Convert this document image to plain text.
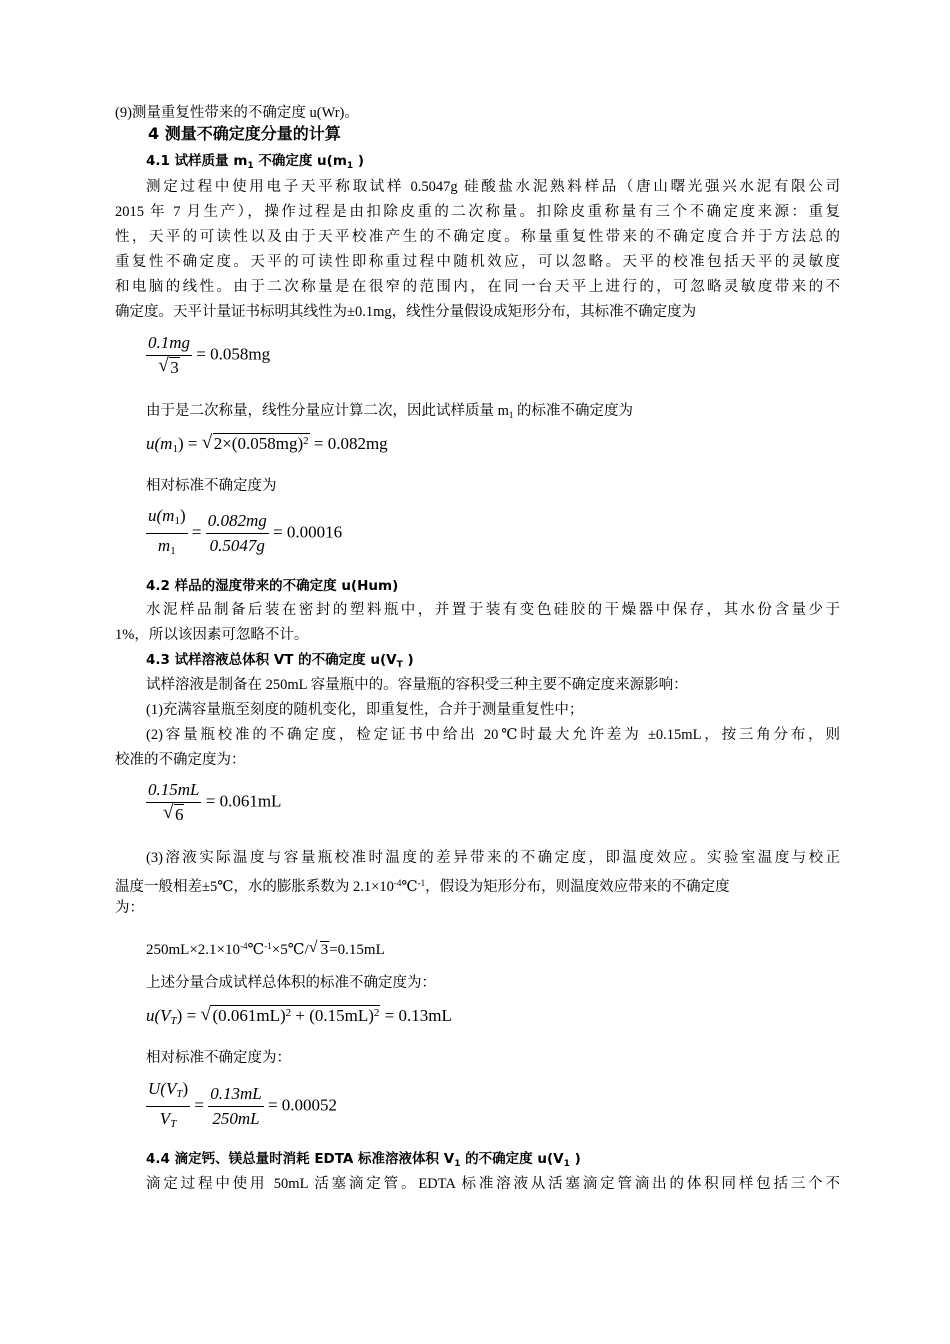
(9)测量重复性带来的不确定度 u(Wr)。
4 测量不确定度分量的计算
4.1 试样质量 $m_1$ 不确定度 $u(m_1$ )
测定过程中使用电子天平称取试样 0.5047g 硅酸盐水泥熟料样品（唐山曙光强兴水泥有限公司
2015 年 7 月生产），操作过程是由扣除皮重的二次称量。扣除皮重称量有三个不确定度来源：重复
性，天平的可读性以及由于天平校准产生的不确定度。称量重复性带来的不确定度合并于方法总的
重复性不确定度。天平的可读性即称重过程中随机效应，可以忽略。天平的校准包括天平的灵敏度
和电脑的线性。由于二次称量是在很窄的范围内，在同一台天平上进行的，可忽略灵敏度带来的不
确定度。天平计量证书标明其线性为±0.1mg，线性分量假设成矩形分布，其标准不确定度为
$\frac{0.1mg}{√ 3} = 0.058mg$
由于是二次称量，线性分量应计算二次，因此试样质量 $m_1$ 的标准不确定度为
$u(m_1)$ = √ $2\times(0.058mg)^2 = 0.082mg$
相对标准不确定度为
$\frac{u(m_1)}{m_1} = \frac{0.082mg}{0.5047g} = 0.00016$
4.2 样品的湿度带来的不确定度 u(Hum)
水泥样品制备后装在密封的塑料瓶中，并置于装有变色硅胶的干燥器中保存，其水份含量少于
1%，所以该因素可忽略不计。
4.3 试样溶液总体积 VT 的不确定度 $u(V_T$ )
试样溶液是制备在 250mL 容量瓶中的。容量瓶的容积受三种主要不确定度来源影响：
(1)充满容量瓶至刻度的随机变化，即重复性，合并于测量重复性中；
(2)容量瓶校准的不确定度，检定证书中给出 20℃时最大允许差为 ±0.15mL，按三角分布，则
校准的不确定度为：
$\frac{0.15mL}{√ 6} = 0.061mL$
(3)溶液实际温度与容量瓶校准时温度的差异带来的不确定度，即温度效应。实验室温度与校正
温度一般相差±5℃，水的膨胀系数为 $2.1\times 10^{-4}℃^{-1}$，假设为矩形分布，则温度效应带来的不确定度
为：
$250mL\times 2.1\times 10^{-4}℃^{-1}\times 5℃/$ √ 3=0.15mL
上述分量合成试样总体积的标准不确定度为：
$u(V_T)$ = √ $(0.061mL)^2 + (0.15mL)^2 = 0.13mL$
相对标准不确定度为：
$\frac{U(V_T)}{V_T} = \frac{0.13mL}{250mL} = 0.00052$
4.4 滴定钙、镁总量时消耗 EDTA 标准溶液体积 $V_1$ 的不确定度 $u(V_1$ )
滴定过程中使用 50mL 活塞滴定管。EDTA 标准溶液从活塞滴定管滴出的体积同样包括三个不
